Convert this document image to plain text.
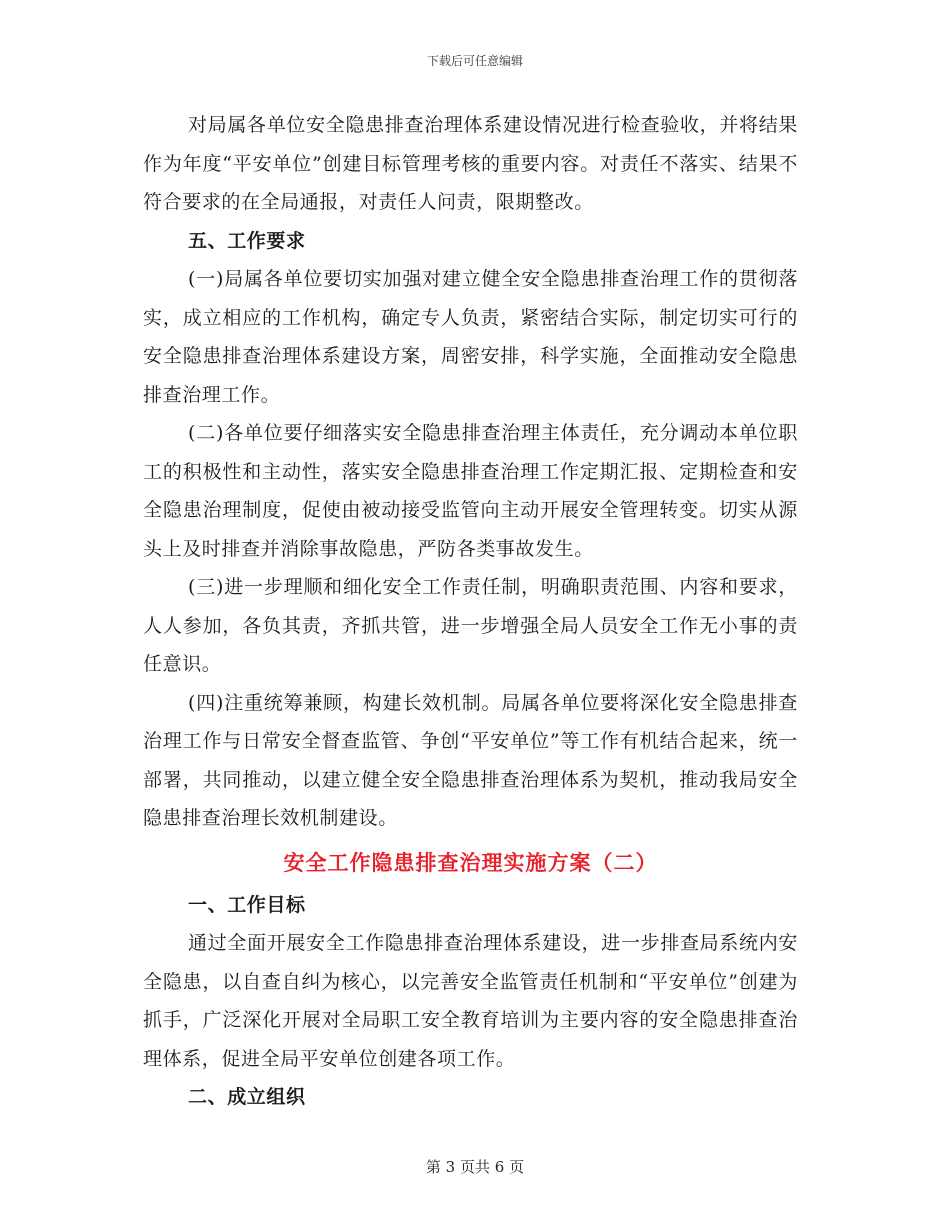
下载后可任意编辑

对局属各单位安全隐患排查治理体系建设情况进行检查验收，并将结果作为年度“平安单位”创建目标管理考核的重要内容。对责任不落实、结果不符合要求的在全局通报，对责任人问责，限期整改。

五、工作要求

(一)局属各单位要切实加强对建立健全安全隐患排查治理工作的贯彻落实，成立相应的工作机构，确定专人负责，紧密结合实际，制定切实可行的安全隐患排查治理体系建设方案，周密安排，科学实施，全面推动安全隐患排查治理工作。

(二)各单位要仔细落实安全隐患排查治理主体责任，充分调动本单位职工的积极性和主动性，落实安全隐患排查治理工作定期汇报、定期检查和安全隐患治理制度，促使由被动接受监管向主动开展安全管理转变。切实从源头上及时排查并消除事故隐患，严防各类事故发生。

(三)进一步理顺和细化安全工作责任制，明确职责范围、内容和要求，人人参加，各负其责，齐抓共管，进一步增强全局人员安全工作无小事的责任意识。

(四)注重统筹兼顾，构建长效机制。局属各单位要将深化安全隐患排查治理工作与日常安全督查监管、争创“平安单位”等工作有机结合起来，统一部署，共同推动，以建立健全安全隐患排查治理体系为契机，推动我局安全隐患排查治理长效机制建设。

安全工作隐患排查治理实施方案（二）

一、工作目标

通过全面开展安全工作隐患排查治理体系建设，进一步排查局系统内安全隐患，以自查自纠为核心，以完善安全监管责任机制和“平安单位”创建为抓手，广泛深化开展对全局职工安全教育培训为主要内容的安全隐患排查治理体系，促进全局平安单位创建各项工作。

二、成立组织

第 3 页共 6 页
